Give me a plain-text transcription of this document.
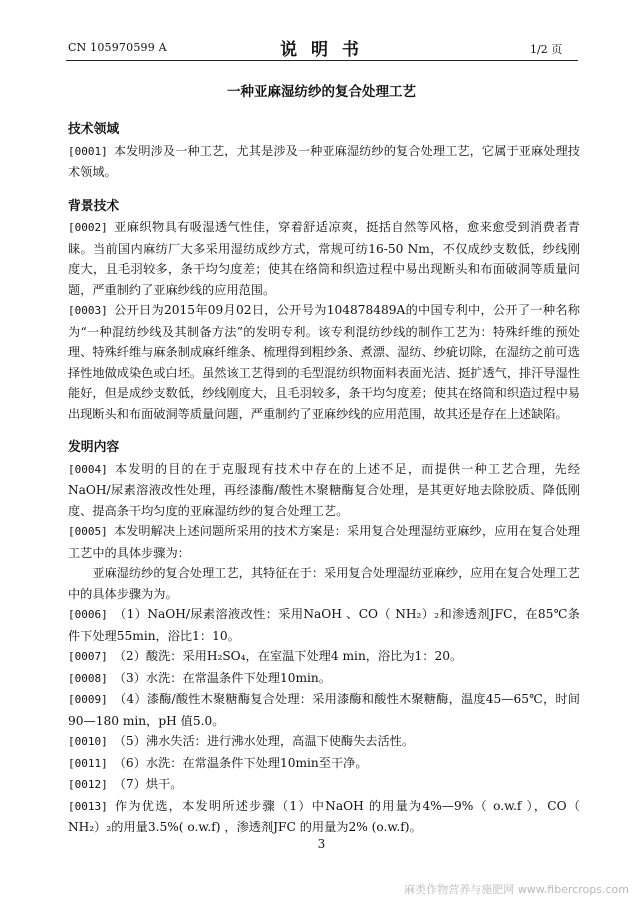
CN 105970599 A	说 明 书	1/2 页
一种亚麻湿纺纱的复合处理工艺
技术领域

[0001] 本发明涉及一种工艺，尤其是涉及一种亚麻湿纺纱的复合处理工艺，它属于亚麻处理技术领域。

背景技术

[0002] 亚麻织物具有吸湿透气性佳，穿着舒适凉爽，挺括自然等风格，愈来愈受到消费者青睐。当前国内麻纺厂大多采用湿纺成纱方式，常规可纺16-50 Nm，不仅成纱支数低，纱线刚度大，且毛羽较多，条干均匀度差；使其在络筒和织造过程中易出现断头和布面破洞等质量问题，严重制约了亚麻纱线的应用范围。

[0003] 公开日为2015年09月02日，公开号为104878489A的中国专利中，公开了一种名称为“一种混纺纱线及其制备方法”的发明专利。该专利混纺纱线的制作工艺为：特殊纤维的预处理、特殊纤维与麻条制成麻纤维条、梳理得到粗纱条、煮漂、湿纺、纱疵切除，在湿纺之前可选择性地做成染色或白坯。虽然该工艺得到的毛型混纺织物面料表面光洁、挺扩透气，排汗导湿性能好，但是成纱支数低，纱线刚度大，且毛羽较多，条干均匀度差；使其在络筒和织造过程中易出现断头和布面破洞等质量问题，严重制约了亚麻纱线的应用范围，故其还是存在上述缺陷。

发明内容

[0004] 本发明的目的在于克服现有技术中存在的上述不足，而提供一种工艺合理，先经NaOH/尿素溶液改性处理，再经漆酶/酸性木聚糖酶复合处理，是其更好地去除胶质、降低刚度、提高条干均匀度的亚麻湿纺纱的复合处理工艺。

[0005] 本发明解决上述问题所采用的技术方案是：采用复合处理湿纺亚麻纱，应用在复合处理工艺中的具体步骤为：

亚麻湿纺纱的复合处理工艺，其特征在于：采用复合处理湿纺亚麻纱，应用在复合处理工艺中的具体步骤为为。

[0006] （1）NaOH/尿素溶液改性：采用NaOH 、CO（ NH₂）₂和渗透剂JFC，在85℃条件下处理55min，浴比1：10。

[0007] （2）酸洗：采用H₂SO₄，在室温下处理4 min，浴比为1：20。

[0008] （3）水洗：在常温条件下处理10min。

[0009] （4）漆酶/酸性木聚糖酶复合处理：采用漆酶和酸性木聚糖酶，温度45—65℃，时间90—180 min，pH 值5.0。

[0010] （5）沸水失活：进行沸水处理，高温下使酶失去活性。

[0011] （6）水洗：在常温条件下处理10min至干净。

[0012] （7）烘干。

[0013] 作为优选，本发明所述步骤（1）中NaOH 的用量为4%—9%（ o.w.f ），CO（ NH₂）₂的用量3.5%( o.w.f) ，渗透剂JFC 的用量为2% (o.w.f)。

3
麻类作物营养与施肥网 www.fibercrops.com
